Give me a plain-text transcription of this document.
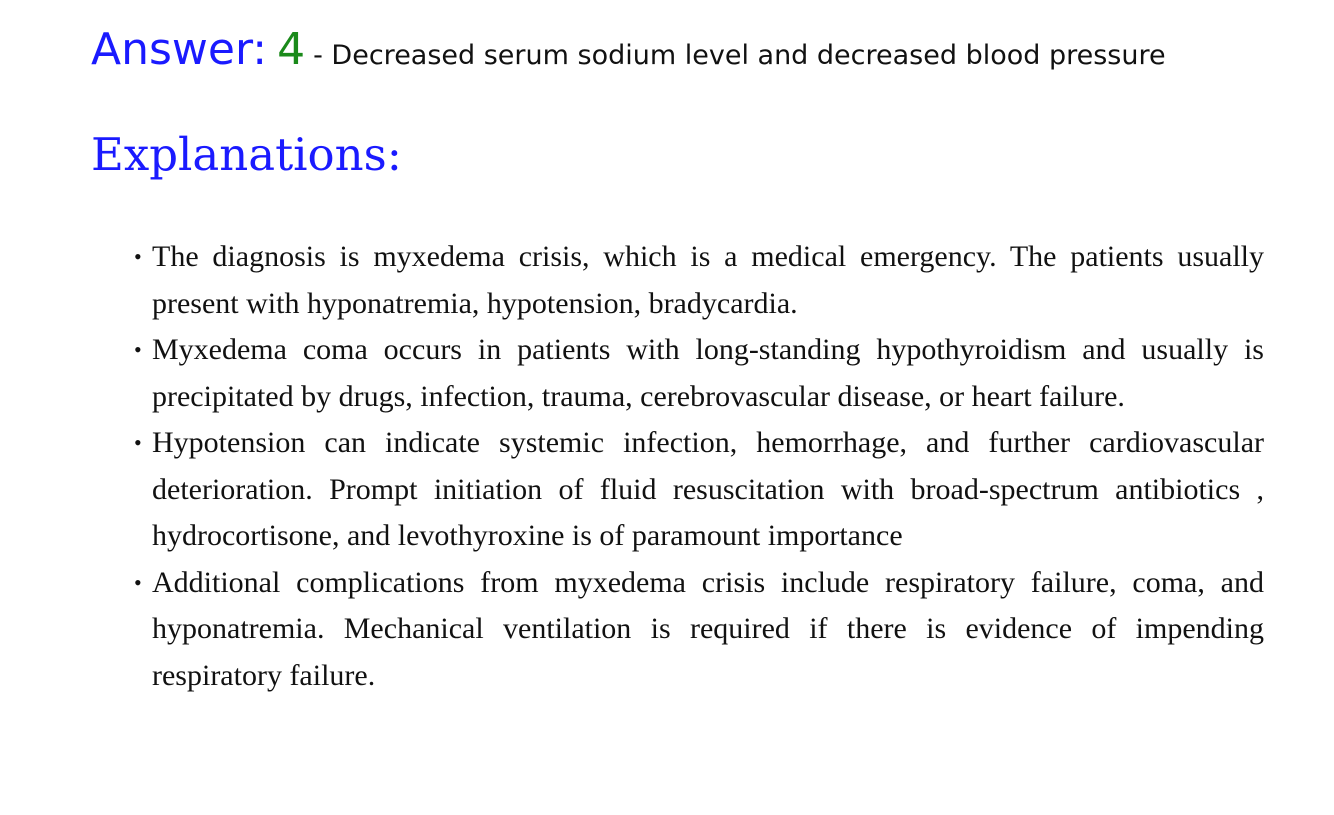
Answer: 4 - Decreased serum sodium level and decreased blood pressure
Explanations:
• The diagnosis is myxedema crisis, which is a medical emergency. The patients usually present with hyponatremia, hypotension, bradycardia.
• Myxedema coma occurs in patients with long-standing hypothyroidism and usually is precipitated by drugs, infection, trauma, cerebrovascular disease, or heart failure.
• Hypotension can indicate systemic infection, hemorrhage, and further cardiovascular deterioration. Prompt initiation of fluid resuscitation with broad-spectrum antibiotics , hydrocortisone, and levothyroxine is of paramount importance
• Additional complications from myxedema crisis include respiratory failure, coma, and hyponatremia. Mechanical ventilation is required if there is evidence of impending respiratory failure.
